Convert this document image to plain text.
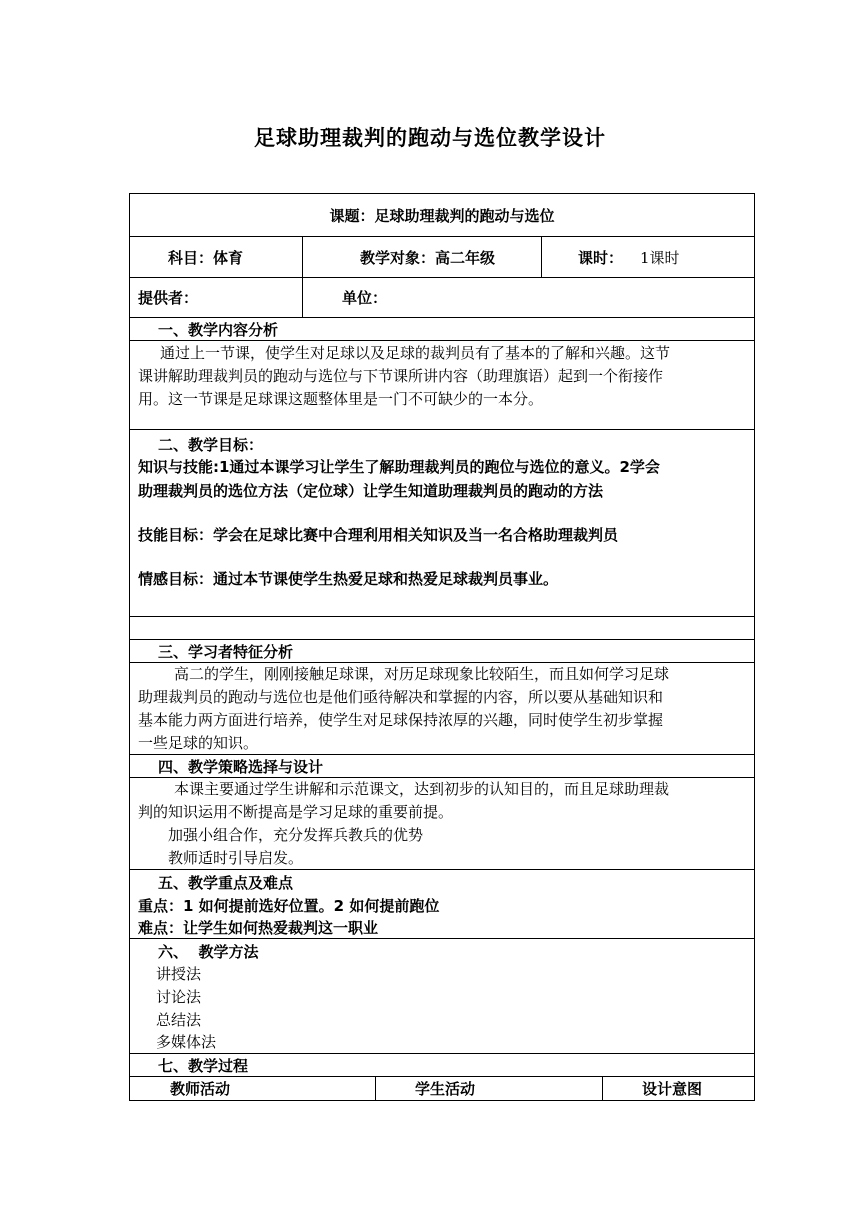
足球助理裁判的跑动与选位教学设计
课题：足球助理裁判的跑动与选位
科目：体育	教学对象：高二年级	课时： 1课时
提供者：	单位：
一、教学内容分析
通过上一节课，使学生对足球以及足球的裁判员有了基本的了解和兴趣。这节
课讲解助理裁判员的跑动与选位与下节课所讲内容（助理旗语）起到一个衔接作
用。这一节课是足球课这题整体里是一门不可缺少的一本分。
二、教学目标：
知识与技能:1通过本课学习让学生了解助理裁判员的跑位与选位的意义。2学会
助理裁判员的选位方法（定位球）让学生知道助理裁判员的跑动的方法
技能目标：学会在足球比赛中合理利用相关知识及当一名合格助理裁判员
情感目标：通过本节课使学生热爱足球和热爱足球裁判员事业。
三、学习者特征分析
高二的学生，刚刚接触足球课，对历足球现象比较陌生，而且如何学习足球
助理裁判员的跑动与选位也是他们亟待解决和掌握的内容，所以要从基础知识和
基本能力两方面进行培养，使学生对足球保持浓厚的兴趣，同时使学生初步掌握
一些足球的知识。
四、教学策略选择与设计
本课主要通过学生讲解和示范课文，达到初步的认知目的，而且足球助理裁
判的知识运用不断提高是学习足球的重要前提。
加强小组合作，充分发挥兵教兵的优势
教师适时引导启发。
五、教学重点及难点
重点：1 如何提前选好位置。2 如何提前跑位
难点：让学生如何热爱裁判这一职业
六、  教学方法
讲授法
讨论法
总结法
多媒体法
七、教学过程
教师活动	学生活动	设计意图
